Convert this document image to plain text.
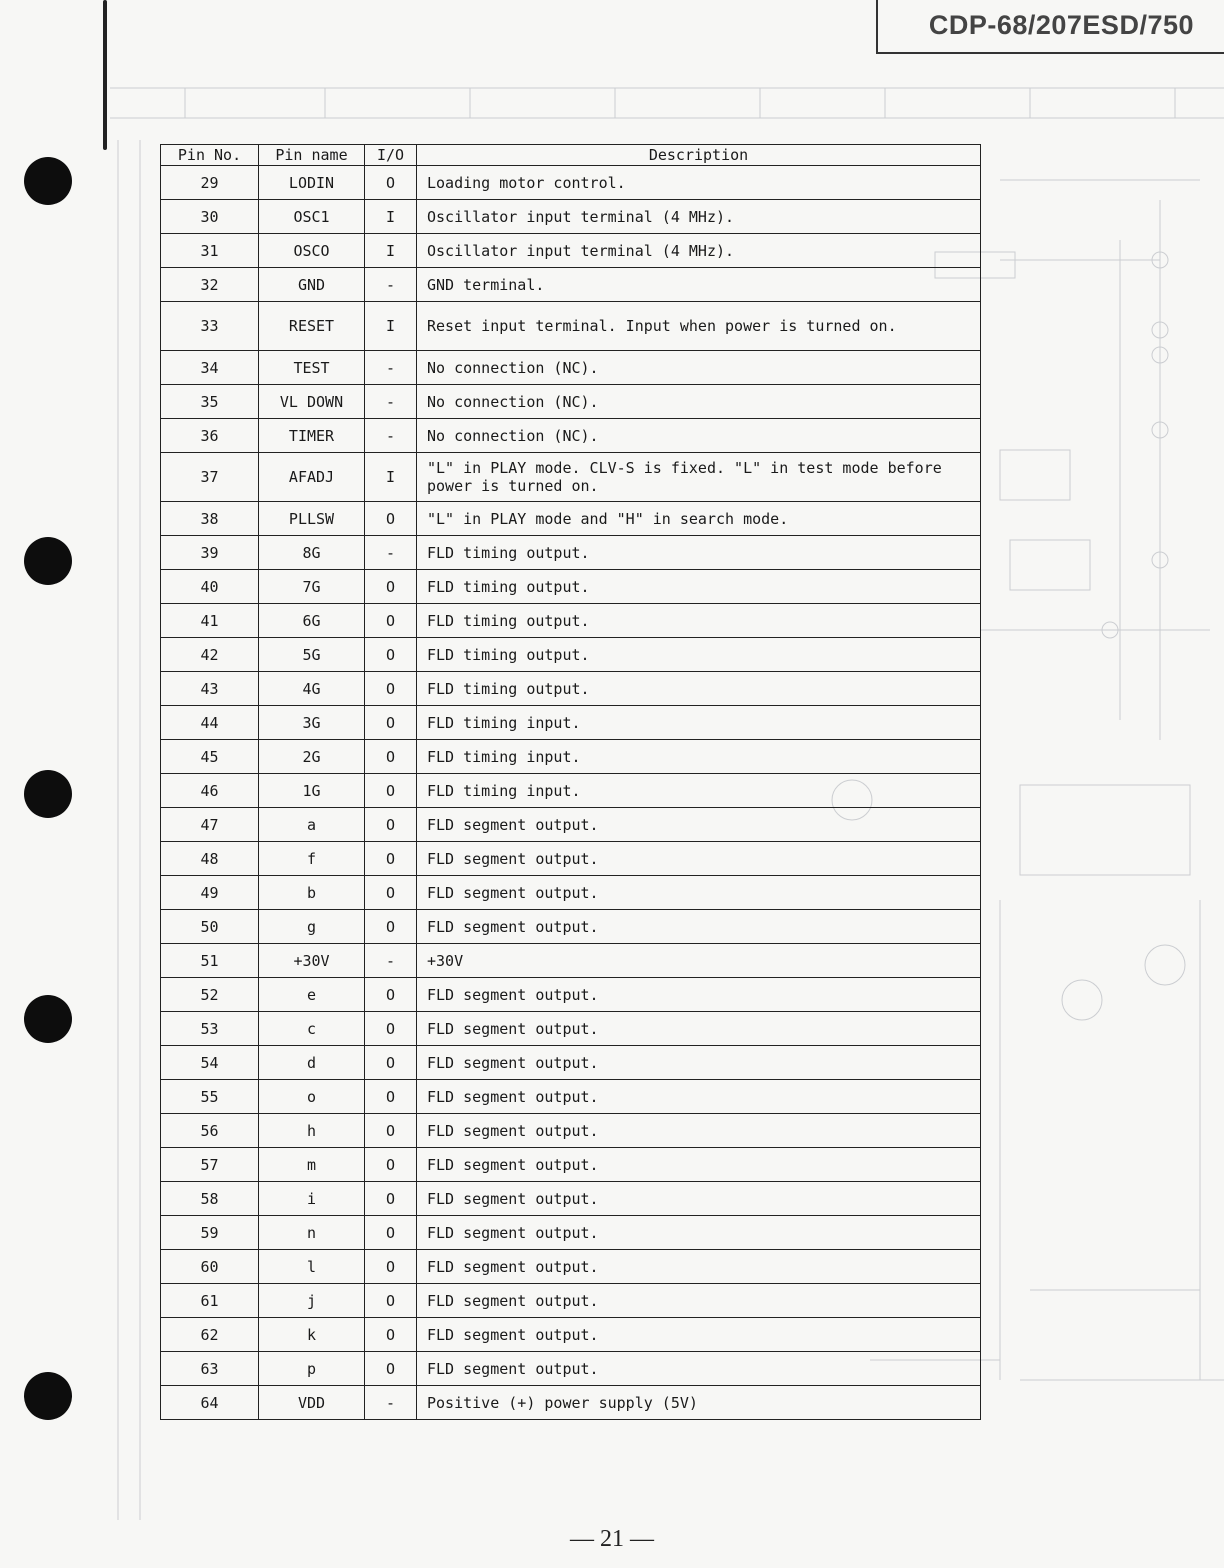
CDP-68/207ESD/750
Pin No.	Pin name	I/O	Description
29	LODIN	O	Loading motor control.
30	OSC1	I	Oscillator input terminal (4 MHz).
31	OSCO	I	Oscillator input terminal (4 MHz).
32	GND	-	GND terminal.
33	RESET	I	Reset input terminal. Input when power is turned on.
34	TEST	-	No connection (NC).
35	VL DOWN	-	No connection (NC).
36	TIMER	-	No connection (NC).
37	AFADJ	I	"L" in PLAY mode. CLV-S is fixed. "L" in test mode before power is turned on.
38	PLLSW	O	"L" in PLAY mode and "H" in search mode.
39	8G	-	FLD timing output.
40	7G	O	FLD timing output.
41	6G	O	FLD timing output.
42	5G	O	FLD timing output.
43	4G	O	FLD timing output.
44	3G	O	FLD timing input.
45	2G	O	FLD timing input.
46	1G	O	FLD timing input.
47	a	O	FLD segment output.
48	f	O	FLD segment output.
49	b	O	FLD segment output.
50	g	O	FLD segment output.
51	+30V	-	+30V
52	e	O	FLD segment output.
53	c	O	FLD segment output.
54	d	O	FLD segment output.
55	o	O	FLD segment output.
56	h	O	FLD segment output.
57	m	O	FLD segment output.
58	i	O	FLD segment output.
59	n	O	FLD segment output.
60	l	O	FLD segment output.
61	j	O	FLD segment output.
62	k	O	FLD segment output.
63	p	O	FLD segment output.
64	VDD	-	Positive (+) power supply (5V)
— 21 —
